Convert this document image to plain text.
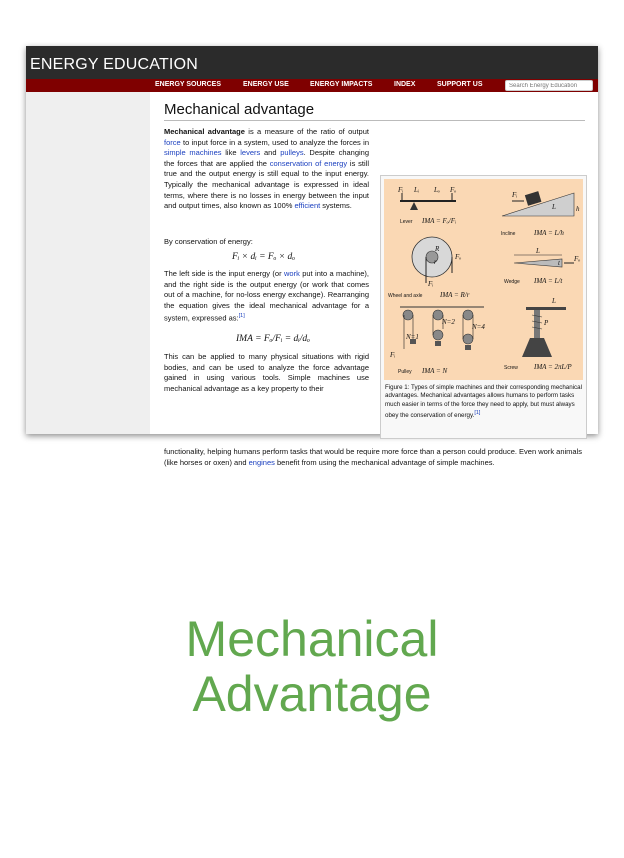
ENERGY EDUCATION
ENERGY SOURCES	ENERGY USE	ENERGY IMPACTS	INDEX	SUPPORT US
Search Energy Education
Mechanical advantage
Mechanical advantage is a measure of the ratio of output force to input force in a system, used to analyze the forces in simple machines like levers and pulleys. Despite changing the forces that are applied the conservation of energy is still true and the output energy is still equal to the input energy. Typically the mechanical advantage is expressed in ideal terms, where there is no losses in energy between the input and output times, also known as 100% efficient systems.
By conservation of energy:
Fᵢ × dᵢ = Fₒ × dₒ
The left side is the input energy (or work put into a machine), and the right side is the output energy (or work that comes out of a machine, for no-loss energy exchange). Rearranging the equation gives the ideal mechanical advantage for a system, expressed as:[1]
IMA = Fₒ/Fᵢ = dᵢ/dₒ
This can be applied to many physical situations with rigid bodies, and can be used to analyze the force advantage gained in using various tools. Simple machines use mechanical advantage as a key property to their
functionality, helping humans perform tasks that would be require more force than a person could produce. Even work animals (like horses or oxen) and engines benefit from using the mechanical advantage of simple machines.
Fᵢ Lᵢ Lₒ Fₒ
Lever IMA = Fₒ/Fᵢ
Fᵢ
L	h
Incline	IMA = L/h
R
r
Fₒ
Fᵢ
Wheel and axle	IMA = R/r
L
t Fₒ
Wedge IMA = L/t
N=1
N=2
N=4
Fᵢ
Pulley IMA = N
L
P
Screw IMA = 2πL/P
Figure 1: Types of simple machines and their corresponding mechanical advantages. Mechanical advantages allows humans to perform tasks much easier in terms of the force they need to apply, but must always obey the conservation of energy.[1]
Mechanical
Advantage
